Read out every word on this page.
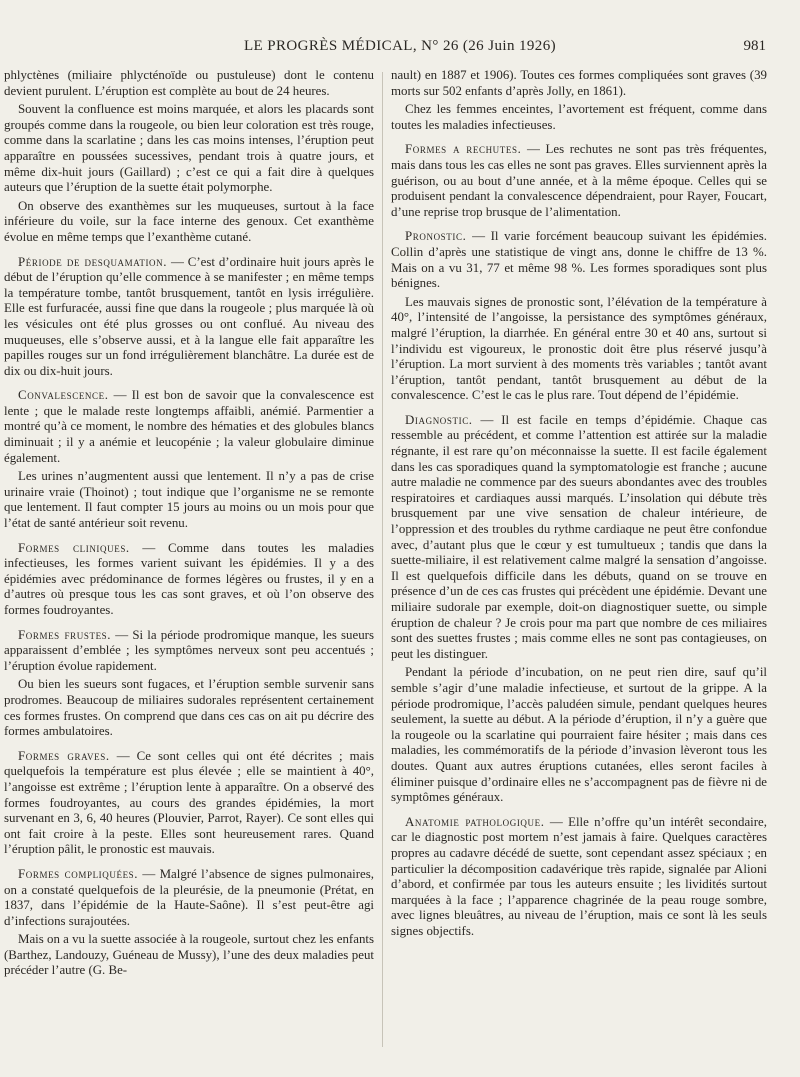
LE PROGRÈS MÉDICAL, N° 26 (26 Juin 1926)	981

phlyctènes (miliaire phlycténoïde ou pustuleuse) dont le contenu devient purulent. L’éruption est complète au bout de 24 heures.

Souvent la confluence est moins marquée, et alors les placards sont groupés comme dans la rougeole, ou bien leur coloration est très rouge, comme dans la scarlatine ; dans les cas moins intenses, l’éruption peut apparaître en poussées sucessives, pendant trois à quatre jours, et même dix-huit jours (Gaillard) ; c’est ce qui a fait dire à quelques auteurs que l’éruption de la suette était polymorphe.

On observe des exanthèmes sur les muqueuses, surtout à la face inférieure du voile, sur la face interne des genoux. Cet exanthème évolue en même temps que l’exanthème cutané.

Période de desquamation. — C’est d’ordinaire huit jours après le début de l’éruption qu’elle commence à se manifester ; en même temps la température tombe, tantôt brusquement, tantôt en lysis irrégulière. Elle est furfuracée, aussi fine que dans la rougeole ; plus marquée là où les vésicules ont été plus grosses ou ont conflué. Au niveau des muqueuses, elle s’observe aussi, et à la langue elle fait apparaître les papilles rouges sur un fond irrégulièrement blanchâtre. La durée est de dix ou dix-huit jours.

Convalescence. — Il est bon de savoir que la convalescence est lente ; que le malade reste longtemps affaibli, anémié. Parmentier a montré qu’à ce moment, le nombre des hématies et des globules blancs diminuait ; il y a anémie et leucopénie ; la valeur globulaire diminue également.

Les urines n’augmentent aussi que lentement. Il n’y a pas de crise urinaire vraie (Thoinot) ; tout indique que l’organisme ne se remonte que lentement. Il faut compter 15 jours au moins ou un mois pour que l’état de santé antérieur soit revenu.

Formes cliniques. — Comme dans toutes les maladies infectieuses, les formes varient suivant les épidémies. Il y a des épidémies avec prédominance de formes légères ou frustes, il y en a d’autres où presque tous les cas sont graves, et où l’on observe des formes foudroyantes.

Formes frustes. — Si la période prodromique manque, les sueurs apparaissent d’emblée ; les symptômes nerveux sont peu accentués ; l’éruption évolue rapidement.

Ou bien les sueurs sont fugaces, et l’éruption semble survenir sans prodromes. Beaucoup de miliaires sudorales représentent certainement ces formes frustes. On comprend que dans ces cas on ait pu décrire des formes ambulatoires.

Formes graves. — Ce sont celles qui ont été décrites ; mais quelquefois la température est plus élevée ; elle se maintient à 40°, l’angoisse est extrême ; l’éruption lente à apparaître. On a observé des formes foudroyantes, au cours des grandes épidémies, la mort survenant en 3, 6, 40 heures (Plouvier, Parrot, Rayer). Ce sont elles qui ont fait croire à la peste. Elles sont heureusement rares. Quand l’éruption pâlit, le pronostic est mauvais.

Formes compliquées. — Malgré l’absence de signes pulmonaires, on a constaté quelquefois de la pleurésie, de la pneumonie (Prétat, en 1837, dans l’épidémie de la Haute-Saône). Il s’est peut-être agi d’infections surajoutées.

Mais on a vu la suette associée à la rougeole, surtout chez les enfants (Barthez, Landouzy, Guéneau de Mussy), l’une des deux maladies peut précéder l’autre (G. Be-

nault) en 1887 et 1906). Toutes ces formes compliquées sont graves (39 morts sur 502 enfants d’après Jolly, en 1861).

Chez les femmes enceintes, l’avortement est fréquent, comme dans toutes les maladies infectieuses.

Formes a rechutes. — Les rechutes ne sont pas très fréquentes, mais dans tous les cas elles ne sont pas graves. Elles surviennent après la guérison, ou au bout d’une année, et à la même époque. Celles qui se produisent pendant la convalescence dépendraient, pour Rayer, Foucart, d’une reprise trop brusque de l’alimentation.

Pronostic. — Il varie forcément beaucoup suivant les épidémies. Collin d’après une statistique de vingt ans, donne le chiffre de 13 %. Mais on a vu 31, 77 et même 98 %. Les formes sporadiques sont plus bénignes.

Les mauvais signes de pronostic sont, l’élévation de la température à 40°, l’intensité de l’angoisse, la persistance des symptômes généraux, malgré l’éruption, la diarrhée. En général entre 30 et 40 ans, surtout si l’individu est vigoureux, le pronostic doit être plus réservé jusqu’à l’éruption. La mort survient à des moments très variables ; tantôt avant l’éruption, tantôt pendant, tantôt brusquement au début de la convalescence. C’est le cas le plus rare. Tout dépend de l’épidémie.

Diagnostic. — Il est facile en temps d’épidémie. Chaque cas ressemble au précédent, et comme l’attention est attirée sur la maladie régnante, il est rare qu’on méconnaisse la suette. Il est facile également dans les cas sporadiques quand la symptomatologie est franche ; aucune autre maladie ne commence par des sueurs abondantes avec des troubles respiratoires et cardiaques aussi marqués. L’insolation qui débute très brusquement par une vive sensation de chaleur intérieure, de l’oppression et des troubles du rythme cardiaque ne peut être confondue avec, d’autant plus que le cœur y est tumultueux ; tandis que dans la suette-miliaire, il est relativement calme malgré la sensation d’angoisse. Il est quelquefois difficile dans les débuts, quand on se trouve en présence d’un de ces cas frustes qui précèdent une épidémie. Devant une miliaire sudorale par exemple, doit-on diagnostiquer suette, ou simple éruption de chaleur ? Je crois pour ma part que nombre de ces miliaires sont des suettes frustes ; mais comme elles ne sont pas contagieuses, on peut les distinguer.

Pendant la période d’incubation, on ne peut rien dire, sauf qu’il semble s’agir d’une maladie infectieuse, et surtout de la grippe. A la période prodromique, l’accès paludéen simule, pendant quelques heures seulement, la suette au début. A la période d’éruption, il n’y a guère que la rougeole ou la scarlatine qui pourraient faire hésiter ; mais dans ces maladies, les commémoratifs de la période d’invasion lèveront tous les doutes. Quant aux autres éruptions cutanées, elles seront faciles à éliminer puisque d’ordinaire elles ne s’accompagnent pas de fièvre ni de symptômes généraux.

Anatomie pathologique. — Elle n’offre qu’un intérêt secondaire, car le diagnostic post mortem n’est jamais à faire. Quelques caractères propres au cadavre décédé de suette, sont cependant assez spéciaux ; en particulier la décomposition cadavérique très rapide, signalée par Alioni d’abord, et confirmée par tous les auteurs ensuite ; les lividités surtout marquées à la face ; l’apparence chagrinée de la peau rouge sombre, avec lignes bleuâtres, au niveau de l’éruption, mais ce sont là les seuls signes objectifs.
